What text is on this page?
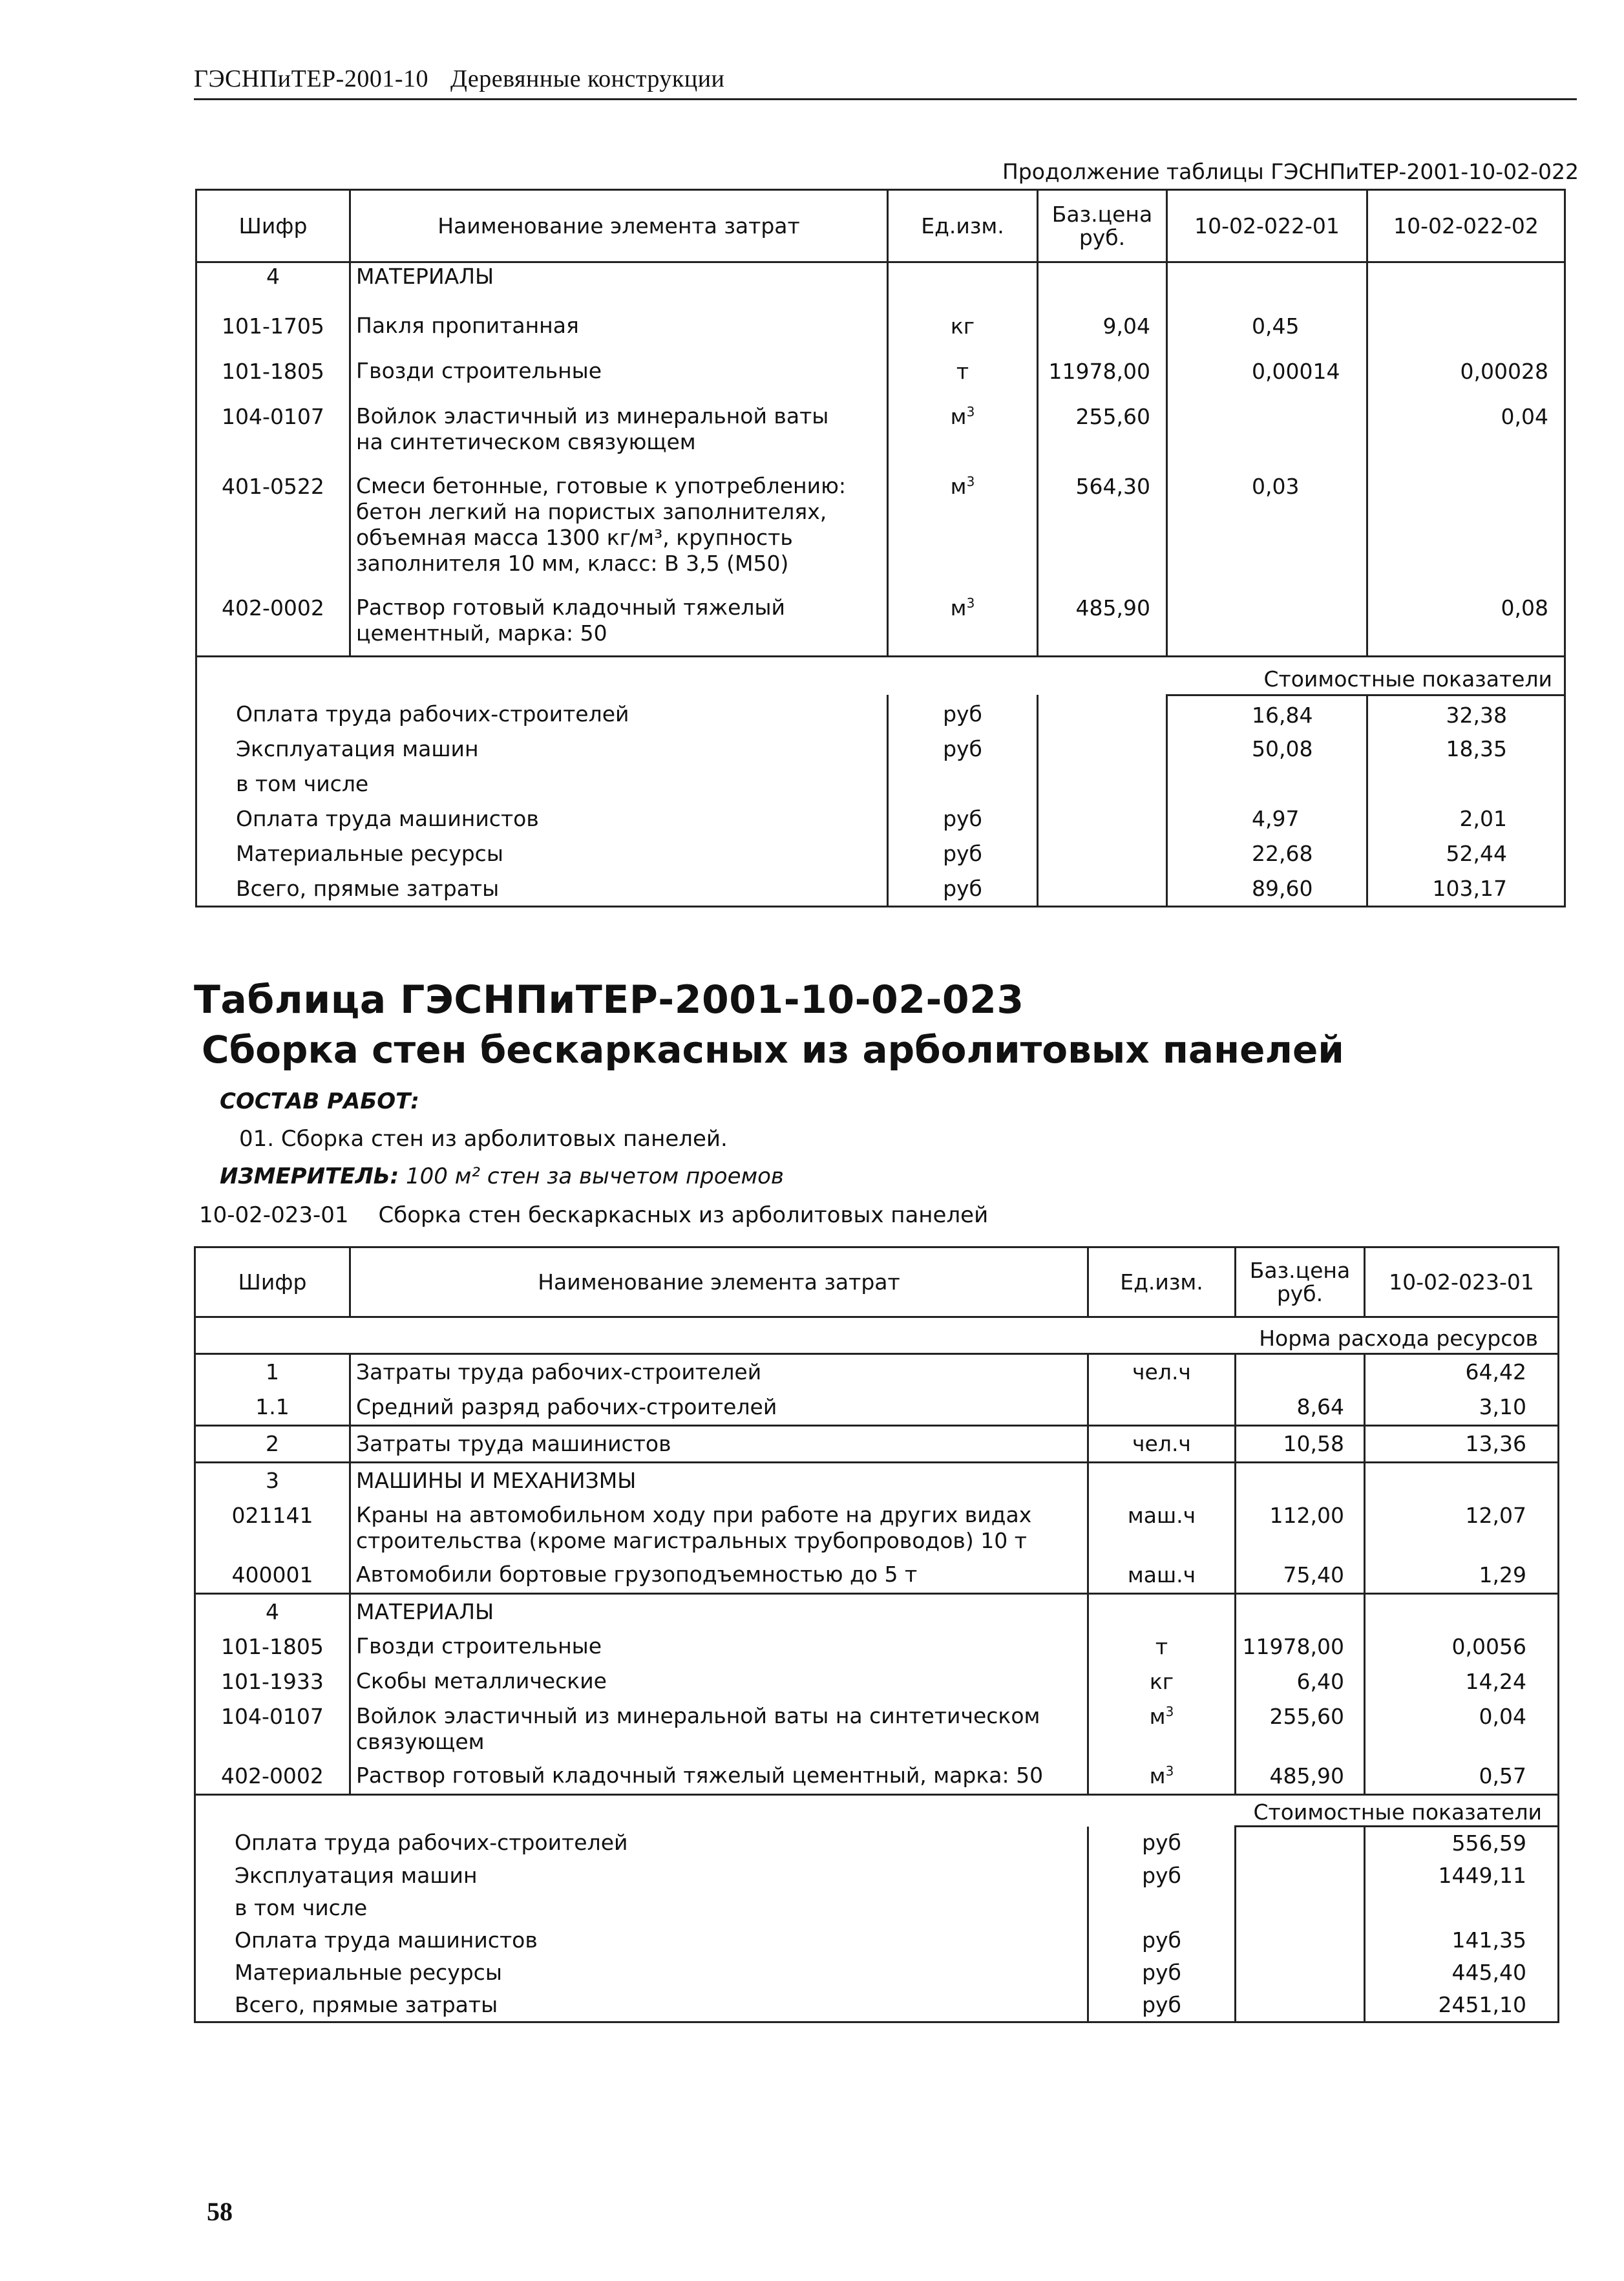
ГЭСНПиТЕР-2001-10 Деревянные конструкции
Продолжение таблицы ГЭСНПиТЕР-2001-10-02-022
Шифр	Наименование элемента затрат	Ед.изм.	Баз.цена руб.	10-02-022-01	10-02-022-02
4	МАТЕРИАЛЫ				
101-1705	Пакля пропитанная	кг	9,04	0,45	
101-1805	Гвозди строительные	т	11978,00	0,00014	0,00028
104-0107	Войлок эластичный из минеральной ваты
на синтетическом связующем	$м^3$	255,60		0,04
401-0522	Смеси бетонные, готовые к употреблению:
бетон легкий на пористых заполнителях,
объемная масса 1300 кг/м³, крупность
заполнителя 10 мм, класс: В 3,5 (М50)	$м^3$	564,30	0,03	
402-0002	Раствор готовый кладочный тяжелый
цементный, марка: 50	$м^3$	485,90		0,08
				Стоимостные показатели	
Оплата труда рабочих-строителей		руб		16,84	32,38
Эксплуатация машин		руб		50,08	18,35
в том числе					
Оплата труда машинистов		руб		4,97	2,01
Материальные ресурсы		руб		22,68	52,44
Всего, прямые затраты		руб		89,60	103,17
Таблица ГЭСНПиТЕР-2001-10-02-023
Сборка стен бескаркасных из арболитовых панелей
СОСТАВ РАБОТ:
01. Сборка стен из арболитовых панелей.
ИЗМЕРИТЕЛЬ: 100 м² стен за вычетом проемов
10-02-023-01 Сборка стен бескаркасных из арболитовых панелей
Шифр	Наименование элемента затрат	Ед.изм.	Баз.цена руб.	10-02-023-01
			Норма расхода ресурсов	
1	Затраты труда рабочих-строителей	чел.ч		64,42
1.1	Средний разряд рабочих-строителей		8,64	3,10
2	Затраты труда машинистов	чел.ч	10,58	13,36
3	МАШИНЫ И МЕХАНИЗМЫ			
021141	Краны на автомобильном ходу при работе на других видах
строительства (кроме магистральных трубопроводов) 10 т	маш.ч	112,00	12,07
400001	Автомобили бортовые грузоподъемностью до 5 т	маш.ч	75,40	1,29
4	МАТЕРИАЛЫ			
101-1805	Гвозди строительные	т	11978,00	0,0056
101-1933	Скобы металлические	кг	6,40	14,24
104-0107	Войлок эластичный из минеральной ваты на синтетическом
связующем	$м^3$	255,60	0,04
402-0002	Раствор готовый кладочный тяжелый цементный, марка: 50	$м^3$	485,90	0,57
			Стоимостные показатели	
Оплата труда рабочих-строителей		руб		556,59
Эксплуатация машин		руб		1449,11
в том числе				
Оплата труда машинистов		руб		141,35
Материальные ресурсы		руб		445,40
Всего, прямые затраты		руб		2451,10
58
